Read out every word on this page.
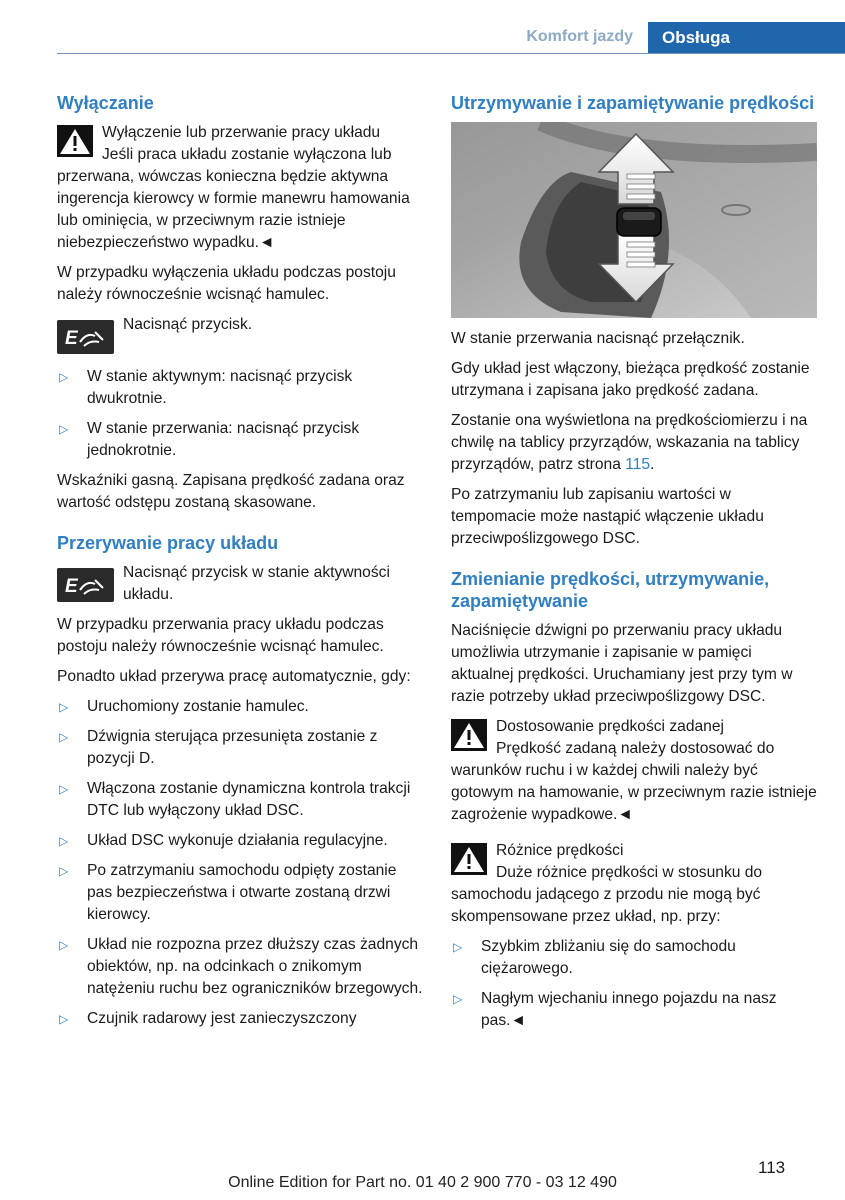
Komfort jazdy	Obsługa
Wyłączanie
Wyłączenie lub przerwanie pracy układu
Jeśli praca układu zostanie wyłączona lub przerwana, wówczas konieczna będzie aktywna ingerencja kierowcy w formie manewru hamowania lub ominięcia, w przeciwnym razie istnieje niebezpieczeństwo wypadku.◄

W przypadku wyłączenia układu podczas postoju należy równocześnie wcisnąć hamulec.

E
Nacisnąć przycisk.
▷ W stanie aktywnym: nacisnąć przycisk dwukrotnie.
▷ W stanie przerwania: nacisnąć przycisk jednokrotnie.

Wskaźniki gasną. Zapisana prędkość zadana oraz wartość odstępu zostaną skasowane.

Przerywanie pracy układu
E
Nacisnąć przycisk w stanie aktywności układu.

W przypadku przerwania pracy układu podczas postoju należy równocześnie wcisnąć hamulec.

Ponadto układ przerywa pracę automatycznie, gdy:

▷ Uruchomiony zostanie hamulec.
▷ Dźwignia sterująca przesunięta zostanie z pozycji D.
▷ Włączona zostanie dynamiczna kontrola trakcji DTC lub wyłączony układ DSC.
▷ Układ DSC wykonuje działania regulacyjne.
▷ Po zatrzymaniu samochodu odpięty zostanie pas bezpieczeństwa i otwarte zostaną drzwi kierowcy.
▷ Układ nie rozpozna przez dłuższy czas żadnych obiektów, np. na odcinkach o znikomym natężeniu ruchu bez ograniczników brzegowych.
▷ Czujnik radarowy jest zanieczyszczony
Utrzymywanie i zapamiętywanie prędkości

W stanie przerwania nacisnąć przełącznik.

Gdy układ jest włączony, bieżąca prędkość zostanie utrzymana i zapisana jako prędkość zadana.

Zostanie ona wyświetlona na prędkościomierzu i na chwilę na tablicy przyrządów, wskazania na tablicy przyrządów, patrz strona 115.

Po zatrzymaniu lub zapisaniu wartości w tempomacie może nastąpić włączenie układu przeciwpoślizgowego DSC.

Zmienianie prędkości, utrzymywanie, zapamiętywanie

Naciśnięcie dźwigni po przerwaniu pracy układu umożliwia utrzymanie i zapisanie w pamięci aktualnej prędkości. Uruchamiany jest przy tym w razie potrzeby układ przeciwpoślizgowy DSC.

Dostosowanie prędkości zadanej
Prędkość zadaną należy dostosować do warunków ruchu i w każdej chwili należy być gotowym na hamowanie, w przeciwnym razie istnieje zagrożenie wypadkowe.◄
Różnice prędkości
Duże różnice prędkości w stosunku do samochodu jadącego z przodu nie mogą być skompensowane przez układ, np. przy:
▷ Szybkim zbliżaniu się do samochodu ciężarowego.
▷ Nagłym wjechaniu innego pojazdu na nasz pas.◄
113
Online Edition for Part no. 01 40 2 900 770 - 03 12 490
